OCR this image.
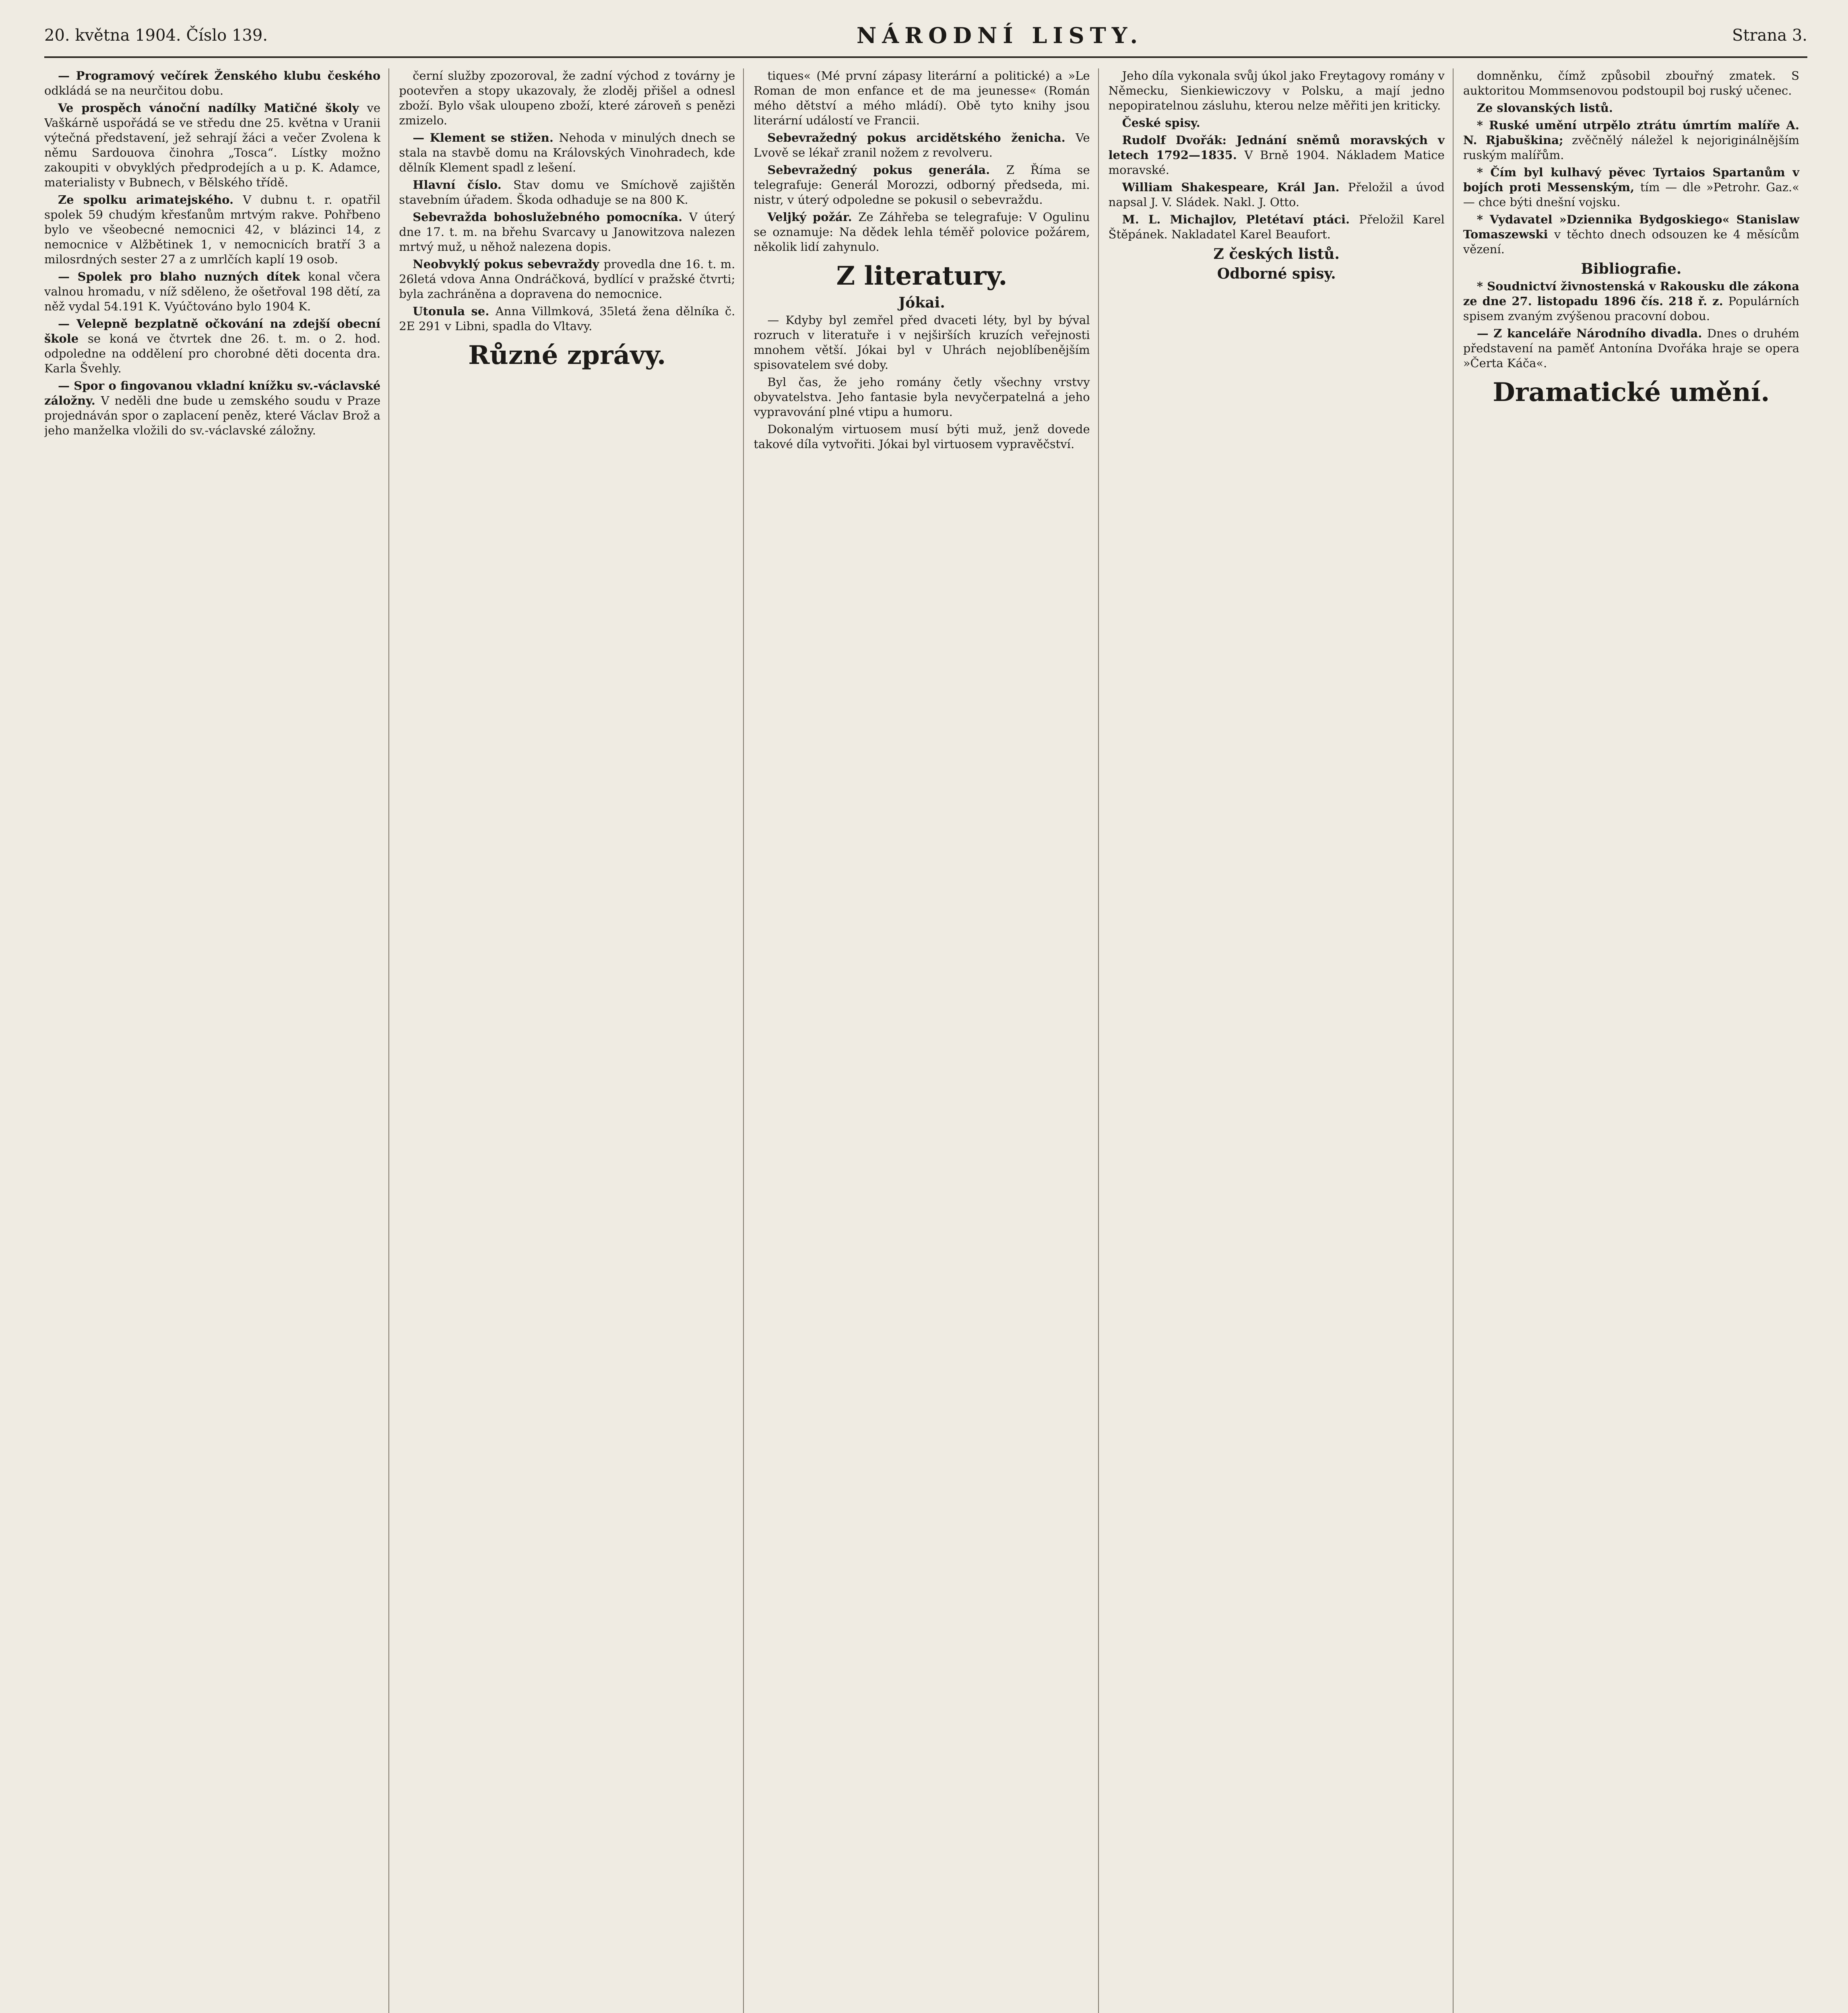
20. května 1904. Číslo 139.	NÁRODNÍ LISTY.	Strana 3.

— Programový večírek Ženského klubu českého odkládá se na neurčitou dobu.

Ve prospěch vánoční nadílky Matičné školy ve Vaškárně uspořádá se ve středu dne 25. května v Uranii výtečná představení, jež sehrají žáci a večer Zvolena k němu Sardouova činohra „Tosca“. Lístky možno zakoupiti v obvyklých předprodejích a u p. K. Adamce, materialisty v Bubnech, v Bělského třídě.

Ze spolku arimatejského. V dubnu t. r. opatřil spolek 59 chudým křesťanům mrtvým rakve. Pohřbeno bylo ve všeobecné nemocnici 42, v blázinci 14, z nemocnice v Alžbětinek 1, v nemocnicích bratří 3 a milosrdných sester 27 a z umrlčích kaplí 19 osob.

— Spolek pro blaho nuzných dítek konal včera valnou hromadu, v níž sděleno, že ošetřoval 198 dětí, za něž vydal 54.191 K. Vyúčtováno bylo 1904 K.

— Velepně bezplatně očkování na zdejší obecní škole se koná ve čtvrtek dne 26. t. m. o 2. hod. odpoledne na oddělení pro chorobné děti docenta dra. Karla Švehly.

— Spor o fingovanou vkladní knížku sv.-václavské záložny. V neděli dne bude u zemského soudu v Praze projednáván spor o zaplacení peněz, které Václav Brož a jeho manželka vložili do sv.-václavské záložny.

černí služby zpozoroval, že zadní východ z továrny je pootevřen a stopy ukazovaly, že zloděj přišel a odnesl zboží. Bylo však uloupeno zboží, které zároveň s penězi zmizelo.

— Klement se stižen. Nehoda v minulých dnech se stala na stavbě domu na Královských Vinohradech, kde dělník Klement spadl z lešení.

Hlavní číslo. Stav domu ve Smíchově zajištěn stavebním úřadem. Škoda odhaduje se na 800 K.

Sebevražda bohoslužebného pomocníka. V úterý dne 17. t. m. na břehu Svarcavy u Janowitzova nalezen mrtvý muž, u něhož nalezena dopis.

Neobvyklý pokus sebevraždy provedla dne 16. t. m. 26letá vdova Anna Ondráčková, bydlící v pražské čtvrti; byla zachráněna a dopravena do nemocnice.

Utonula se. Anna Villmková, 35letá žena dělníka č. 2E 291 v Libni, spadla do Vltavy.

Různé zprávy.

tiques« (Mé první zápasy literární a politické) a »Le Roman de mon enfance et de ma jeunesse« (Román mého dětství a mého mládí). Obě tyto knihy jsou literární událostí ve Francii.

Sebevražedný pokus arcidětského ženicha. Ve Lvově se lékař zranil nožem z revolveru.

Sebevražedný pokus generála. Z Říma se telegrafuje: Generál Morozzi, odborný předseda, mi. nistr, v úterý odpoledne se pokusil o sebevraždu.

Veljký požár. Ze Záhřeba se telegrafuje: V Ogulinu se oznamuje: Na dědek lehla téměř polovice požárem, několik lidí zahynulo.

Z literatury.
Jókai.

— Kdyby byl zemřel před dvaceti léty, byl by býval rozruch v literatuře i v nejširších kruzích veřejnosti mnohem větší. Jókai byl v Uhrách nejoblíbenějším spisovatelem své doby.

Byl čas, že jeho romány četly všechny vrstvy obyvatelstva. Jeho fantasie byla nevyčerpatelná a jeho vypravování plné vtipu a humoru.

Dokonalým virtuosem musí býti muž, jenž dovede takové díla vytvořiti. Jókai byl virtuosem vypravěčství.

Jeho díla vykonala svůj úkol jako Freytagovy romány v Německu, Sienkiewiczovy v Polsku, a mají jedno nepopiratelnou zásluhu, kterou nelze měřiti jen kriticky.

České spisy.

Rudolf Dvořák: Jednání sněmů moravských v letech 1792—1835. V Brně 1904. Nákladem Matice moravské.

William Shakespeare, Král Jan. Přeložil a úvod napsal J. V. Sládek. Nakl. J. Otto.

M. L. Michajlov, Pletétaví ptáci. Přeložil Karel Štěpánek. Nakladatel Karel Beaufort.

Z českých listů.
Odborné spisy.

domněnku, čímž způsobil zbouřný zmatek. S auktoritou Mommsenovou podstoupil boj ruský učenec.

Ze slovanských listů.

* Ruské umění utrpělo ztrátu úmrtím malíře A. N. Rjabuškina; zvěčnělý náležel k nejoriginálnějším ruským malířům.

* Čím byl kulhavý pěvec Tyrtaios Spartanům v bojích proti Messenským, tím — dle »Petrohr. Gaz.« — chce býti dnešní vojsku.

* Vydavatel »Dziennika Bydgoskiego« Stanislaw Tomaszewski v těchto dnech odsouzen ke 4 měsícům vězení.

Bibliografie.

* Soudnictví živnostenská v Rakousku dle zákona ze dne 27. listopadu 1896 čís. 218 ř. z. Populárních spisem zvaným zvýšenou pracovní dobou.

— Z kanceláře Národního divadla. Dnes o druhém představení na paměť Antonína Dvořáka hraje se opera »Čerta Káča«.

Dramatické umění.
